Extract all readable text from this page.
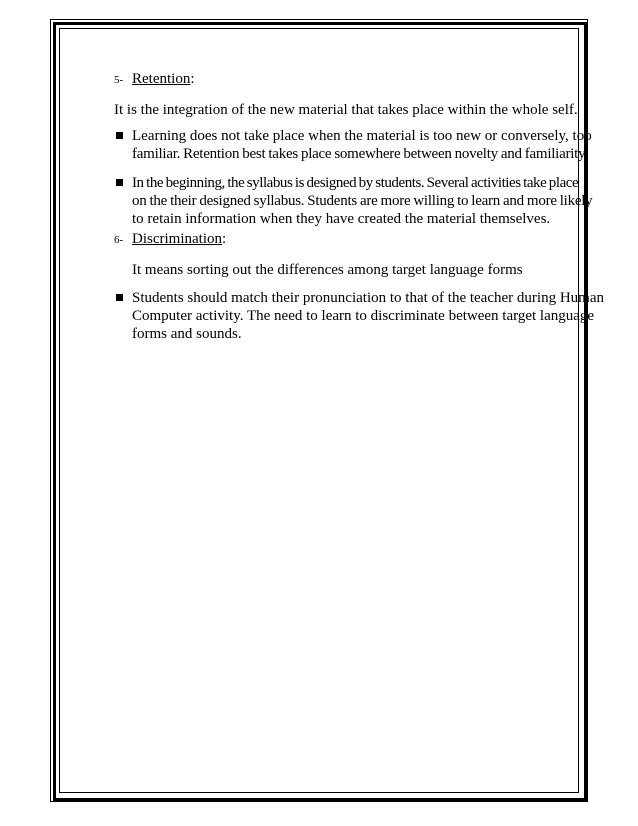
5- Retention:
It is the integration of the new material that takes place within the whole self.
Learning does not take place when the material is too new or conversely, too
familiar. Retention best takes place somewhere between novelty and familiarity.
In the beginning, the syllabus is designed by students. Several activities take place
on the their designed syllabus. Students are more willing to learn and more likely
to retain information when they have created the material themselves.
6- Discrimination:
It means sorting out the differences among target language forms
Students should match their pronunciation to that of the teacher during Human
Computer activity. The need to learn to discriminate between target language
forms and sounds.
